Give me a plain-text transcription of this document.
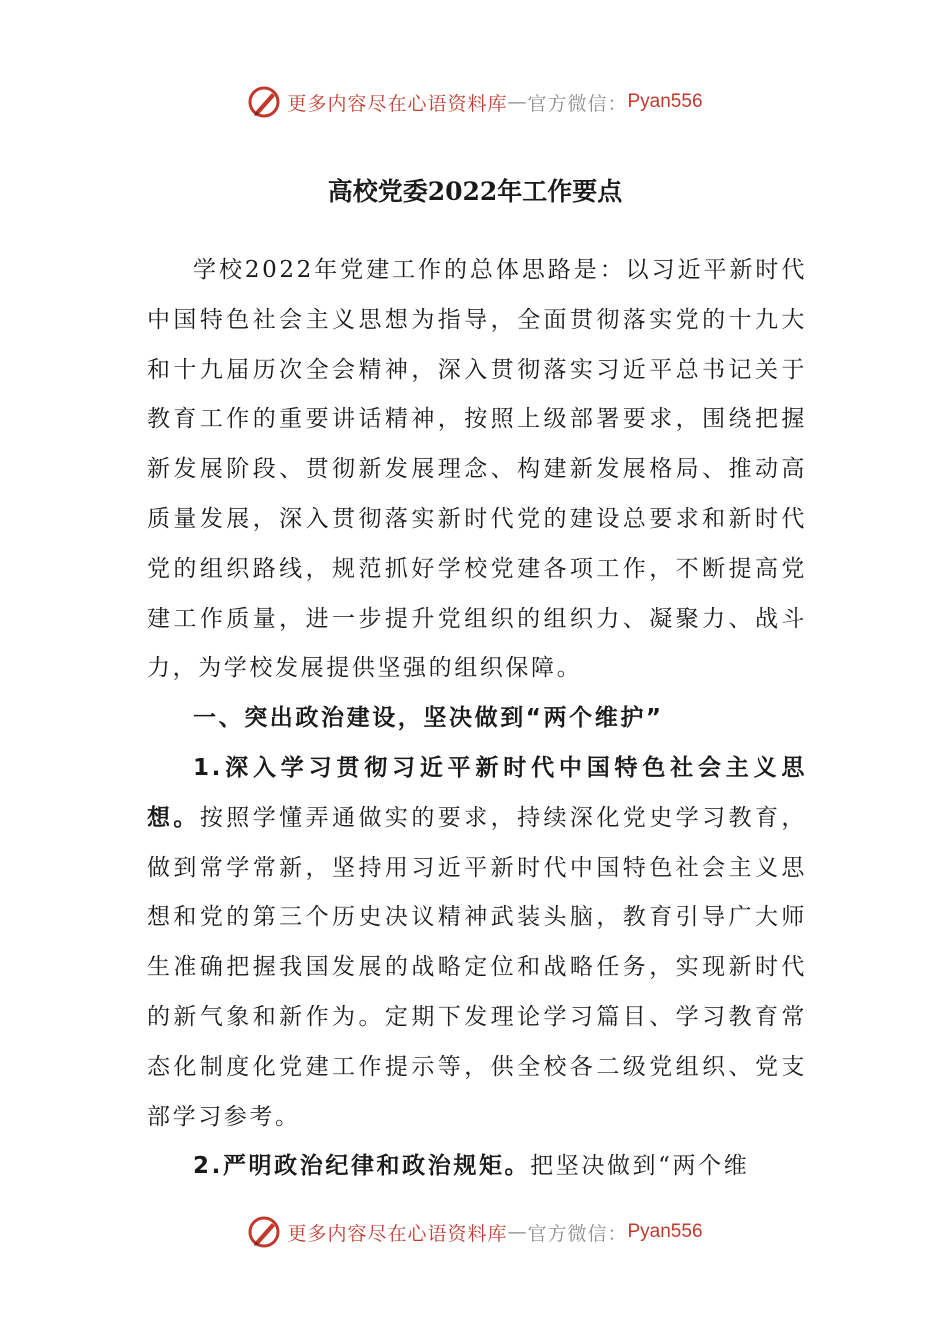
更多内容尽在心语资料库 — 官方微信： Pyan556
高校党委2022年工作要点

学校2022年党建工作的总体思路是：以习近平新时代中国特色社会主义思想为指导，全面贯彻落实党的十九大和十九届历次全会精神，深入贯彻落实习近平总书记关于教育工作的重要讲话精神，按照上级部署要求，围绕把握新发展阶段、贯彻新发展理念、构建新发展格局、推动高质量发展，深入贯彻落实新时代党的建设总要求和新时代党的组织路线，规范抓好学校党建各项工作，不断提高党建工作质量，进一步提升党组织的组织力、凝聚力、战斗力，为学校发展提供坚强的组织保障。

一、突出政治建设，坚决做到“两个维护”

1.深入学习贯彻习近平新时代中国特色社会主义思想。按照学懂弄通做实的要求，持续深化党史学习教育，做到常学常新，坚持用习近平新时代中国特色社会主义思想和党的第三个历史决议精神武装头脑，教育引导广大师生准确把握我国发展的战略定位和战略任务，实现新时代的新气象和新作为。定期下发理论学习篇目、学习教育常态化制度化党建工作提示等，供全校各二级党组织、党支部学习参考。

2.严明政治纪律和政治规矩。把坚决做到“两个维

更多内容尽在心语资料库 — 官方微信： Pyan556
